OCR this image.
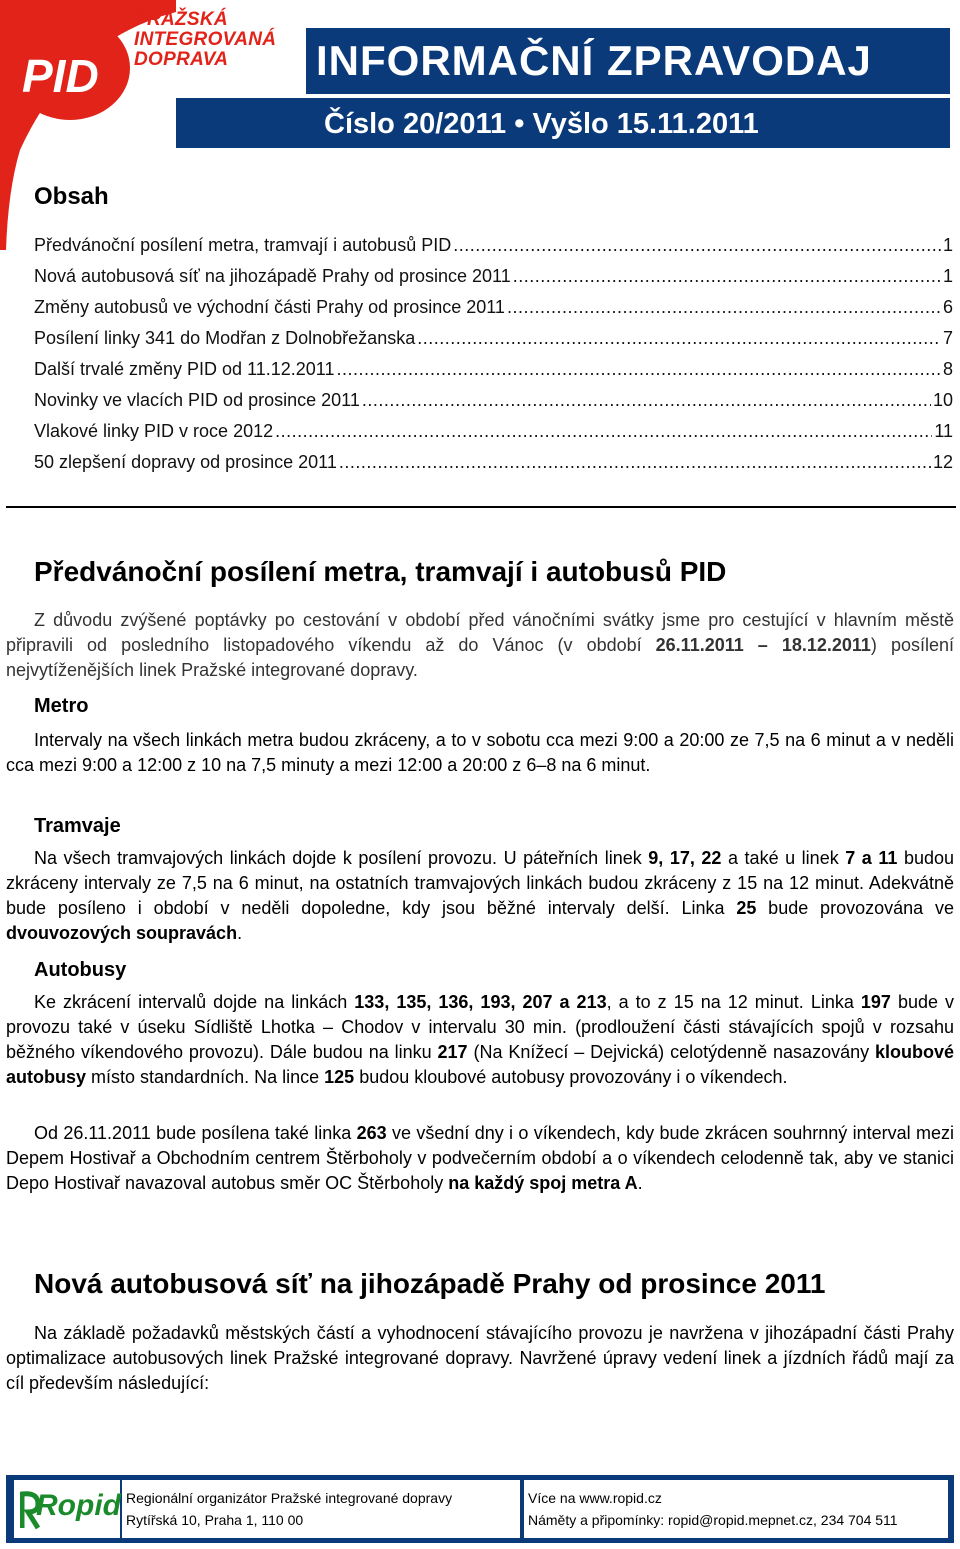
PID
PRAŽSKÁ
INTEGROVANÁ
DOPRAVA	INFORMAČNÍ ZPRAVODAJ
Číslo 20/2011 • Vyšlo 15.11.2011
Obsah
Předvánoční posílení metra, tramvají i autobusů PID .....	1
Nová autobusová síť na jihozápadě Prahy od prosince 2011 .....	1
Změny autobusů ve východní části Prahy od prosince 2011 .....	6
Posílení linky 341 do Modřan z Dolnobřežanska .....	7
Další trvalé změny PID od 11.12.2011 .....	8
Novinky ve vlacích PID od prosince 2011 .....	10
Vlakové linky PID v roce 2012 .....	11
50 zlepšení dopravy od prosince 2011 .....	12
Předvánoční posílení metra, tramvají i autobusů PID
Z důvodu zvýšené poptávky po cestování v období před vánočními svátky jsme pro cestující v hlavním městě připravili od posledního listopadového víkendu až do Vánoc (v období 26.11.2011 – 18.12.2011) posílení nejvytíženějších linek Pražské integrované dopravy.
Metro
Intervaly na všech linkách metra budou zkráceny, a to v sobotu cca mezi 9:00 a 20:00 ze 7,5 na 6 minut a v neděli cca mezi 9:00 a 12:00 z 10 na 7,5 minuty a mezi 12:00 a 20:00 z 6–8 na 6 minut.
Tramvaje
Na všech tramvajových linkách dojde k posílení provozu. U páteřních linek 9, 17, 22 a také u linek 7 a 11 budou zkráceny intervaly ze 7,5 na 6 minut, na ostatních tramvajových linkách budou zkráceny z 15 na 12 minut. Adekvátně bude posíleno i období v neděli dopoledne, kdy jsou běžné intervaly delší. Linka 25 bude provozována ve dvouvozových soupravách.
Autobusy
Ke zkrácení intervalů dojde na linkách 133, 135, 136, 193, 207 a 213, a to z 15 na 12 minut. Linka 197 bude v provozu také v úseku Sídliště Lhotka – Chodov v intervalu 30 min. (prodloužení části stávajících spojů v rozsahu běžného víkendového provozu). Dále budou na linku 217 (Na Knížecí – Dejvická) celotýdenně nasazovány kloubové autobusy místo standardních. Na lince 125 budou kloubové autobusy provozovány i o víkendech.
Od 26.11.2011 bude posílena také linka 263 ve všední dny i o víkendech, kdy bude zkrácen souhrnný interval mezi Depem Hostivař a Obchodním centrem Štěrboholy v podvečerním období a o víkendech celodenně tak, aby ve stanici Depo Hostivař navazoval autobus směr OC Štěrboholy na každý spoj metra A.
Nová autobusová síť na jihozápadě Prahy od prosince 2011
Na základě požadavků městských částí a vyhodnocení stávajícího provozu je navržena v jihozápadní části Prahy optimalizace autobusových linek Pražské integrované dopravy. Navržené úpravy vedení linek a jízdních řádů mají za cíl především následující:
Ropid Regionální organizátor Pražské integrované dopravy
Rytířská 10, Praha 1, 110 00
Více na www.ropid.cz
Náměty a připomínky: ropid@ropid.mepnet.cz, 234 704 511
